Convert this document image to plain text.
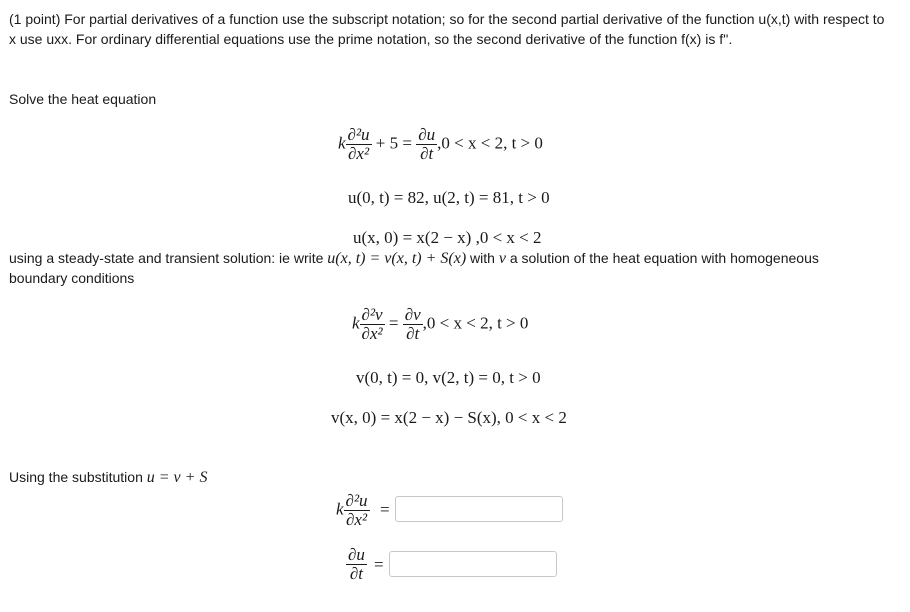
(1 point) For partial derivatives of a function use the subscript notation; so for the second partial derivative of the function u(x,t) with respect to
x use uxx. For ordinary differential equations use the prime notation, so the second derivative of the function f(x) is f''.
Solve the heat equation
k $\frac{\text{∂²u}}{\text{∂x²}} + 5 = \frac{\partial u}{\partial t} ,0 < x < 2$, t > 0
u(0, t) = 82, u(2, t) = 81, t > 0
u(x, 0) = x(2 − x) ,0 < x < 2
using a steady-state and transient solution: ie write u(x, t) = v(x, t) + S(x) with v a solution of the heat equation with homogeneous
boundary conditions
k $\frac{\text{∂²v}}{\text{∂x²}} = \frac{\partial v}{\partial t} ,0 < x < 2$, t > 0
v(0, t) = 0, v(2, t) = 0, t > 0
v(x, 0) = x(2 − x) − S(x), 0 < x < 2
Using the substitution u = v + S
k $\frac{\text{∂²u}}{\text{∂x²}}$ =
$\frac{\partial u}{\partial t}$ =
